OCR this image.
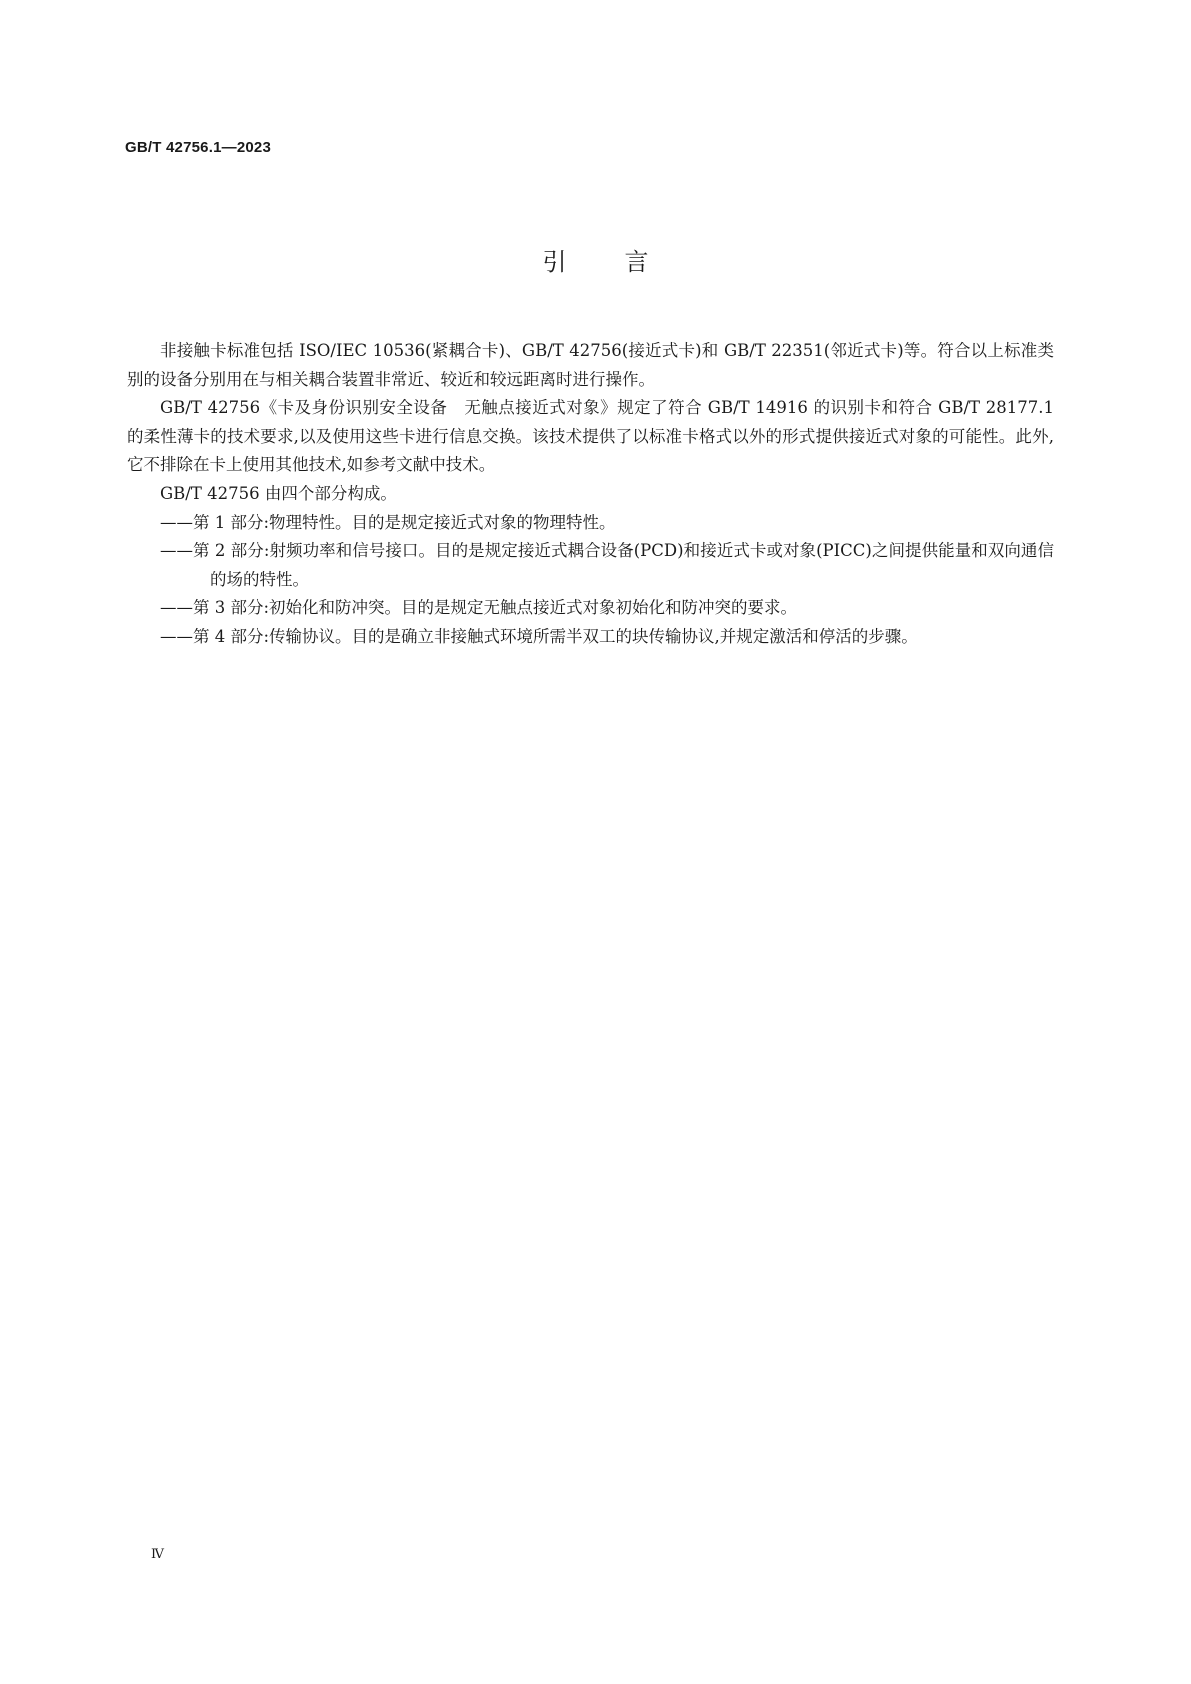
GB/T 42756.1—2023
引言

非接触卡标准包括 ISO/IEC 10536(紧耦合卡)、GB/T 42756(接近式卡)和 GB/T 22351(邻近式卡)等。符合以上标准类别的设备分别用在与相关耦合装置非常近、较近和较远距离时进行操作。

GB/T 42756《卡及身份识别安全设备　无触点接近式对象》规定了符合 GB/T 14916 的识别卡和符合 GB/T 28177.1 的柔性薄卡的技术要求,以及使用这些卡进行信息交换。该技术提供了以标准卡格式以外的形式提供接近式对象的可能性。此外,它不排除在卡上使用其他技术,如参考文献中技术。

GB/T 42756 由四个部分构成。

——第 1 部分:物理特性。目的是规定接近式对象的物理特性。

——第 2 部分:射频功率和信号接口。目的是规定接近式耦合设备(PCD)和接近式卡或对象(PICC)之间提供能量和双向通信的场的特性。

——第 3 部分:初始化和防冲突。目的是规定无触点接近式对象初始化和防冲突的要求。

——第 4 部分:传输协议。目的是确立非接触式环境所需半双工的块传输协议,并规定激活和停活的步骤。

Ⅳ
